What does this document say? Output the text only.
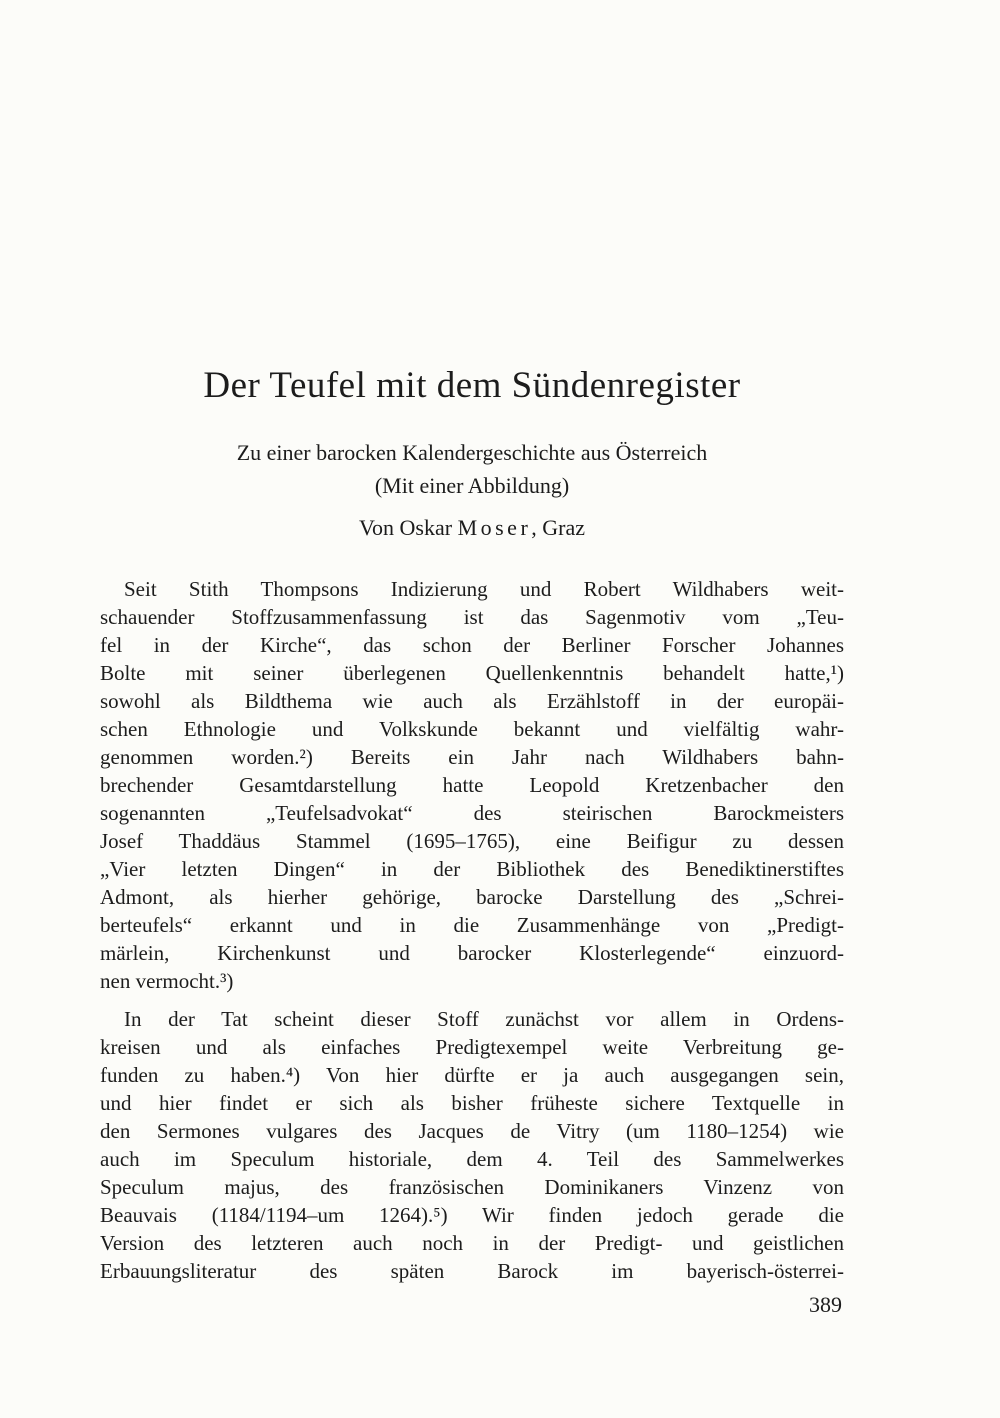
Der Teufel mit dem Sündenregister
Zu einer barocken Kalendergeschichte aus Österreich
(Mit einer Abbildung)
Von Oskar Moser, Graz
Seit Stith Thompsons Indizierung und Robert Wildhabers weit-
schauender Stoffzusammenfassung ist das Sagenmotiv vom „Teu-
fel in der Kirche“, das schon der Berliner Forscher Johannes
Bolte mit seiner überlegenen Quellenkenntnis behandelt hatte,¹)
sowohl als Bildthema wie auch als Erzählstoff in der europäi-
schen Ethnologie und Volkskunde bekannt und vielfältig wahr-
genommen worden.²) Bereits ein Jahr nach Wildhabers bahn-
brechender Gesamtdarstellung hatte Leopold Kretzenbacher den
sogenannten „Teufelsadvokat“ des steirischen Barockmeisters
Josef Thaddäus Stammel (1695–1765), eine Beifigur zu dessen
„Vier letzten Dingen“ in der Bibliothek des Benediktinerstiftes
Admont, als hierher gehörige, barocke Darstellung des „Schrei-
berteufels“ erkannt und in die Zusammenhänge von „Predigt-
märlein, Kirchenkunst und barocker Klosterlegende“ einzuord-
nen vermocht.³)
In der Tat scheint dieser Stoff zunächst vor allem in Ordens-
kreisen und als einfaches Predigtexempel weite Verbreitung ge-
funden zu haben.⁴) Von hier dürfte er ja auch ausgegangen sein,
und hier findet er sich als bisher früheste sichere Textquelle in
den Sermones vulgares des Jacques de Vitry (um 1180–1254) wie
auch im Speculum historiale, dem 4. Teil des Sammelwerkes
Speculum majus, des französischen Dominikaners Vinzenz von
Beauvais (1184/1194–um 1264).⁵) Wir finden jedoch gerade die
Version des letzteren auch noch in der Predigt- und geistlichen
Erbauungsliteratur des späten Barock im bayerisch-österrei-
389
